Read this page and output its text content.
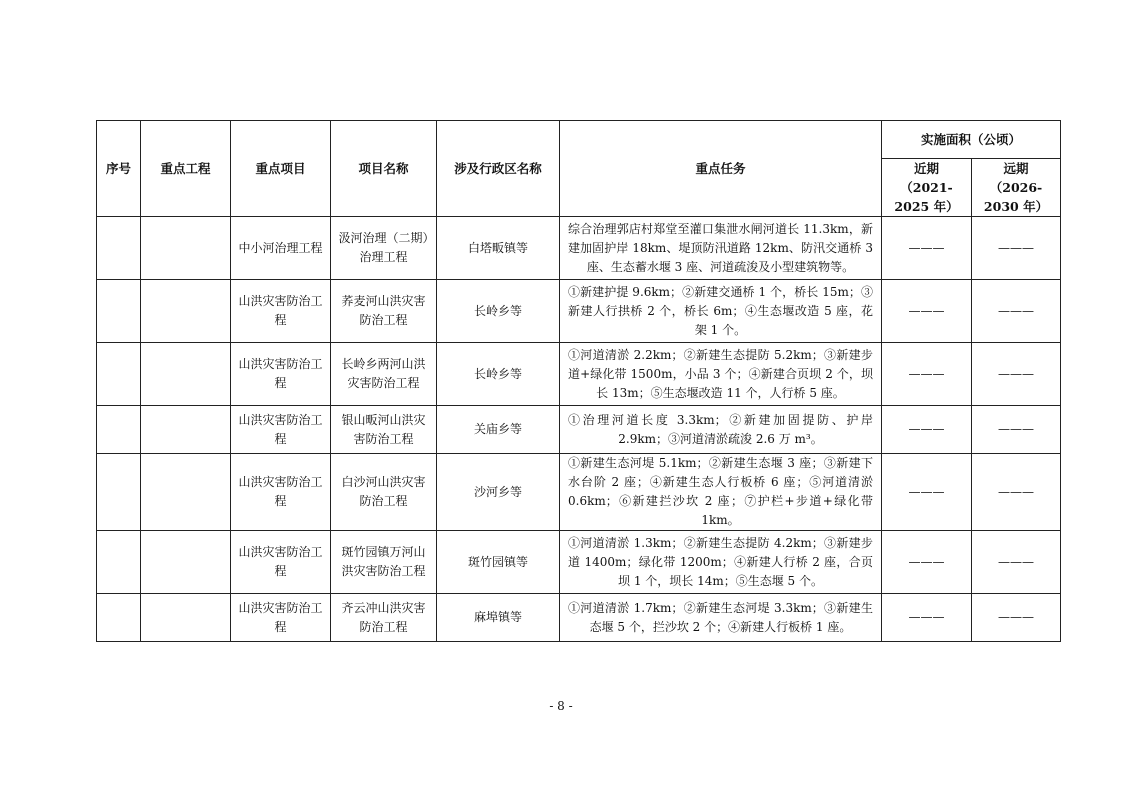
序号	重点工程	重点项目	项目名称	涉及行政区名称	重点任务	实施面积（公顷）	
						近期（2021-2025 年）	远期（2026-2030 年）
		中小河治理工程	汲河治理（二期）治理工程	白塔畈镇等	综合治理郭店村郑堂至灌口集泄水闸河道长 11.3km，新建加固护岸 18km、堤顶防汛道路 12km、防汛交通桥 3 座、生态蓄水堰 3 座、河道疏浚及小型建筑物等。	———	———
		山洪灾害防治工程	荞麦河山洪灾害防治工程	长岭乡等	①新建护提 9.6km；②新建交通桥 1 个，桥长 15m；③新建人行拱桥 2 个，桥长 6m；④生态堰改造 5 座，花架 1 个。	———	———
		山洪灾害防治工程	长岭乡两河山洪灾害防治工程	长岭乡等	①河道清淤 2.2km；②新建生态提防 5.2km；③新建步道+绿化带 1500m，小品 3 个；④新建合页坝 2 个，坝长 13m；⑤生态堰改造 11 个，人行桥 5 座。	———	———
		山洪灾害防治工程	银山畈河山洪灾害防治工程	关庙乡等	①治理河道长度 3.3km；②新建加固提防、护岸 2.9km；③河道清淤疏浚 2.6 万 m³。	———	———
		山洪灾害防治工程	白沙河山洪灾害防治工程	沙河乡等	①新建生态河堤 5.1km；②新建生态堰 3 座；③新建下水台阶 2 座；④新建生态人行板桥 6 座；⑤河道清淤 0.6km；⑥新建拦沙坎 2 座；⑦护栏+步道+绿化带 1km。	———	———
		山洪灾害防治工程	斑竹园镇万河山洪灾害防治工程	斑竹园镇等	①河道清淤 1.3km；②新建生态提防 4.2km；③新建步道 1400m；绿化带 1200m；④新建人行桥 2 座，合页坝 1 个，坝长 14m；⑤生态堰 5 个。	———	———
		山洪灾害防治工程	齐云冲山洪灾害防治工程	麻埠镇等	①河道清淤 1.7km；②新建生态河堤 3.3km；③新建生态堰 5 个，拦沙坎 2 个；④新建人行板桥 1 座。	———	———
- 8 -
